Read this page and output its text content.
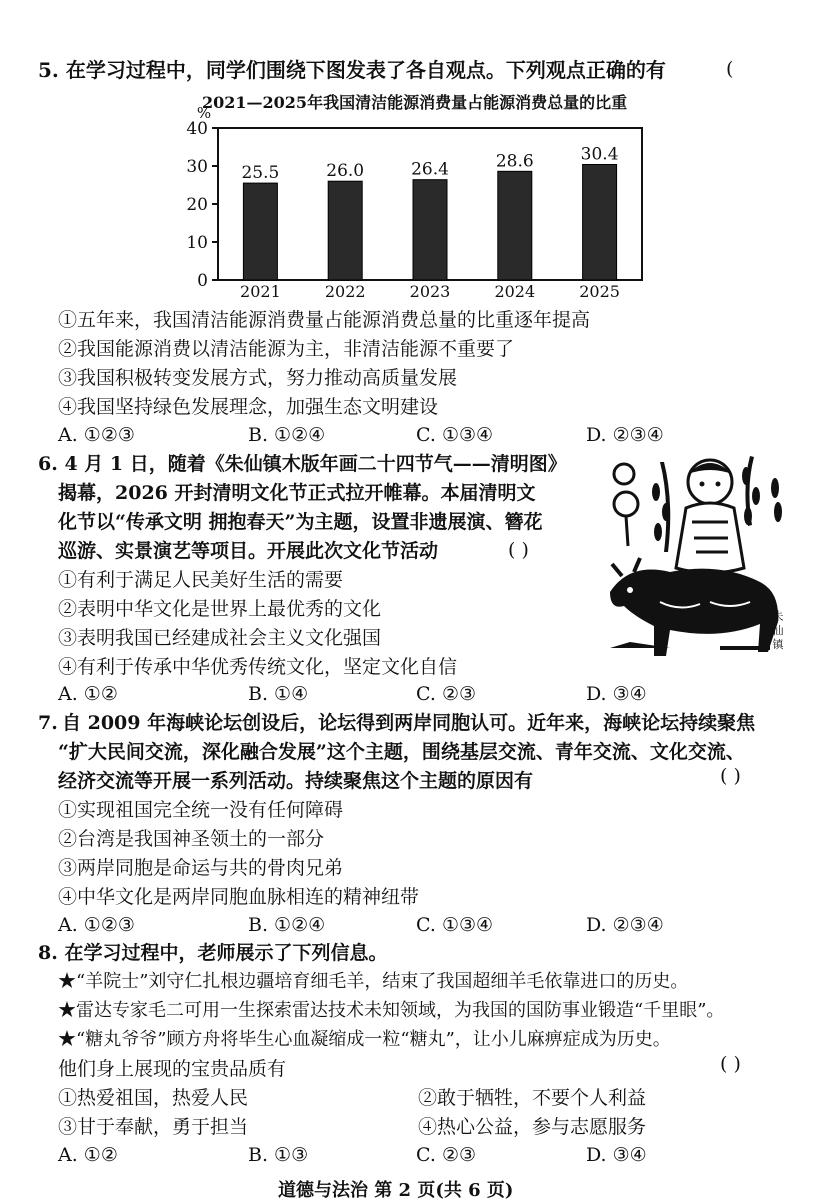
5. 在学习过程中，同学们围绕下图发表了各自观点。下列观点正确的有	(
2021—2025年我国清洁能源消费量占能源消费总量的比重
%
0
10
20
30
40
25.5
2021
26.0
2022
26.4
2023
28.6
2024
30.4
2025
①五年来，我国清洁能源消费量占能源消费总量的比重逐年提高
②我国能源消费以清洁能源为主，非清洁能源不重要了
③我国积极转变发展方式，努力推动高质量发展
④我国坚持绿色发展理念，加强生态文明建设
A. ①②③	B. ①②④	C. ①③④	D. ②③④
6. 4 月 1 日，随着《朱仙镇木版年画二十四节气——清明图》
揭幕，2026 开封清明文化节正式拉开帷幕。本届清明文
化节以“传承文明 拥抱春天”为主题，设置非遗展演、簪花
巡游、实景演艺等项目。开展此次文化节活动	( )
①有利于满足人民美好生活的需要
②表明中华文化是世界上最优秀的文化
③表明我国已经建成社会主义文化强国
④有利于传承中华优秀传统文化，坚定文化自信
A. ①②	B. ①④	C. ②③	D. ③④
朱
仙
镇
7. 自 2009 年海峡论坛创设后，论坛得到两岸同胞认可。近年来，海峡论坛持续聚焦
“扩大民间交流，深化融合发展”这个主题，围绕基层交流、青年交流、文化交流、
经济交流等开展一系列活动。持续聚焦这个主题的原因有	( )
①实现祖国完全统一没有任何障碍
②台湾是我国神圣领土的一部分
③两岸同胞是命运与共的骨肉兄弟
④中华文化是两岸同胞血脉相连的精神纽带
A. ①②③	B. ①②④	C. ①③④	D. ②③④
8. 在学习过程中，老师展示了下列信息。
★“羊院士”刘守仁扎根边疆培育细毛羊，结束了我国超细羊毛依靠进口的历史。
★雷达专家毛二可用一生探索雷达技术未知领域，为我国的国防事业锻造“千里眼”。
★“糖丸爷爷”顾方舟将毕生心血凝缩成一粒“糖丸”，让小儿麻痹症成为历史。
他们身上展现的宝贵品质有	( )
①热爱祖国，热爱人民	②敢于牺牲，不要个人利益
③甘于奉献，勇于担当	④热心公益，参与志愿服务
A. ①②	B. ①③	C. ②③	D. ③④
道德与法治 第 2 页(共 6 页)
